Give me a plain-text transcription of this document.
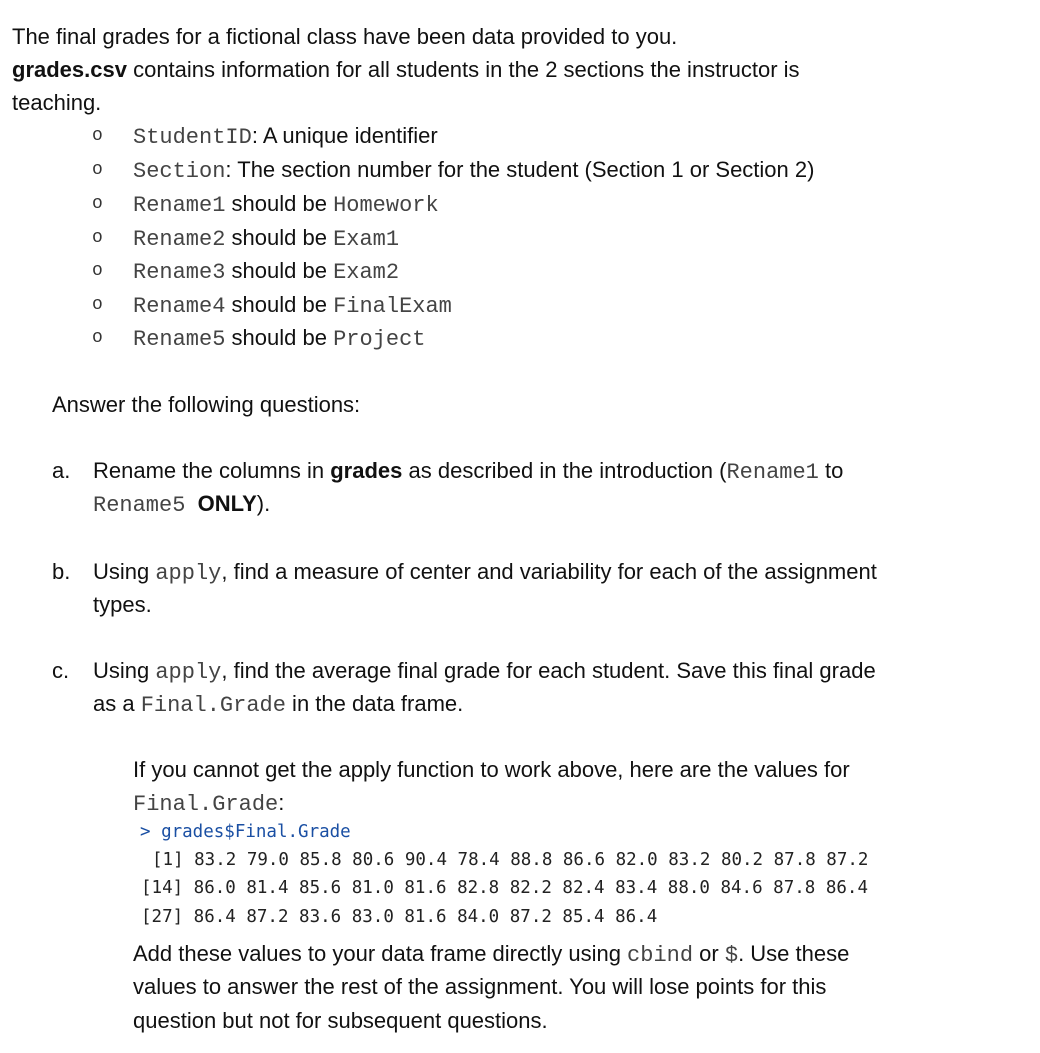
The final grades for a fictional class have been data provided to you.
grades.csv contains information for all students in the 2 sections the instructor is
teaching.
o StudentID: A unique identifier
o Section: The section number for the student (Section 1 or Section 2)
o Rename1 should be Homework
o Rename2 should be Exam1
o Rename3 should be Exam2
o Rename4 should be FinalExam
o Rename5 should be Project
Answer the following questions:
a. Rename the columns in grades as described in the introduction (Rename1 to
Rename5 ONLY).
b. Using apply, find a measure of center and variability for each of the assignment
types.
c. Using apply, find the average final grade for each student. Save this final grade
as a Final.Grade in the data frame.
If you cannot get the apply function to work above, here are the values for
Final.Grade:
> grades$Final.Grade
[1] 83.2 79.0 85.8 80.6 90.4 78.4 88.8 86.6 82.0 83.2 80.2 87.8 87.2
[14] 86.0 81.4 85.6 81.0 81.6 82.8 82.2 82.4 83.4 88.0 84.6 87.8 86.4
[27] 86.4 87.2 83.6 83.0 81.6 84.0 87.2 85.4 86.4
Add these values to your data frame directly using cbind or $. Use these
values to answer the rest of the assignment. You will lose points for this
question but not for subsequent questions.
